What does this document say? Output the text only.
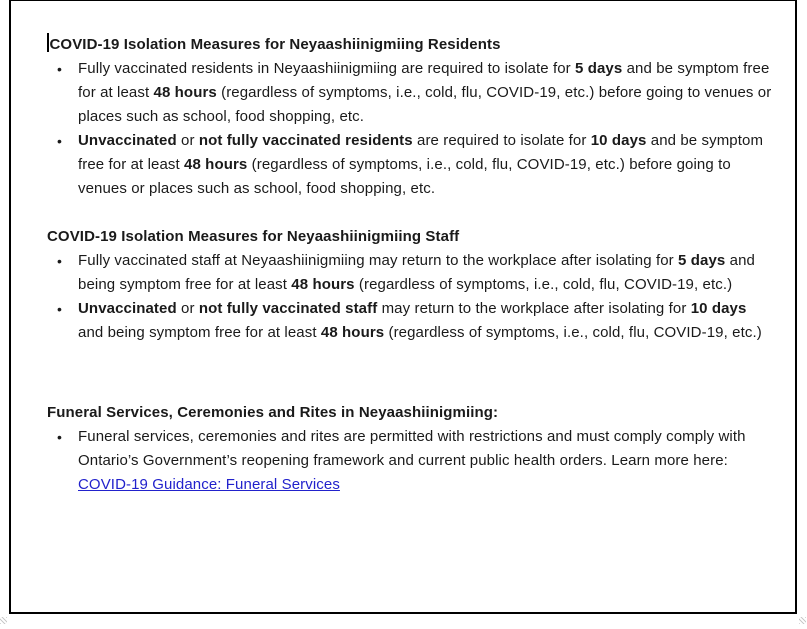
COVID-19 Isolation Measures for Neyaashiinigmiing Residents
•	Fully vaccinated residents in Neyaashiinigmiing are required to isolate for 5 days and be symptom free for at least 48 hours (regardless of symptoms, i.e., cold, flu, COVID-19, etc.) before going to venues or places such as school, food shopping, etc.
•	Unvaccinated or not fully vaccinated residents are required to isolate for 10 days and be symptom free for at least 48 hours (regardless of symptoms, i.e., cold, flu, COVID-19, etc.) before going to venues or places such as school, food shopping, etc.
COVID-19 Isolation Measures for Neyaashiinigmiing Staff
•	Fully vaccinated staff at Neyaashiinigmiing may return to the workplace after isolating for 5 days and being symptom free for at least 48 hours (regardless of symptoms, i.e., cold, flu, COVID-19, etc.)
•	Unvaccinated or not fully vaccinated staff may return to the workplace after isolating for 10 days and being symptom free for at least 48 hours (regardless of symptoms, i.e., cold, flu, COVID-19, etc.)
Funeral Services, Ceremonies and Rites in Neyaashiinigmiing:
•	Funeral services, ceremonies and rites are permitted with restrictions and must comply comply with Ontario’s Government’s reopening framework and current public health orders. Learn more here: COVID-19 Guidance: Funeral Services
